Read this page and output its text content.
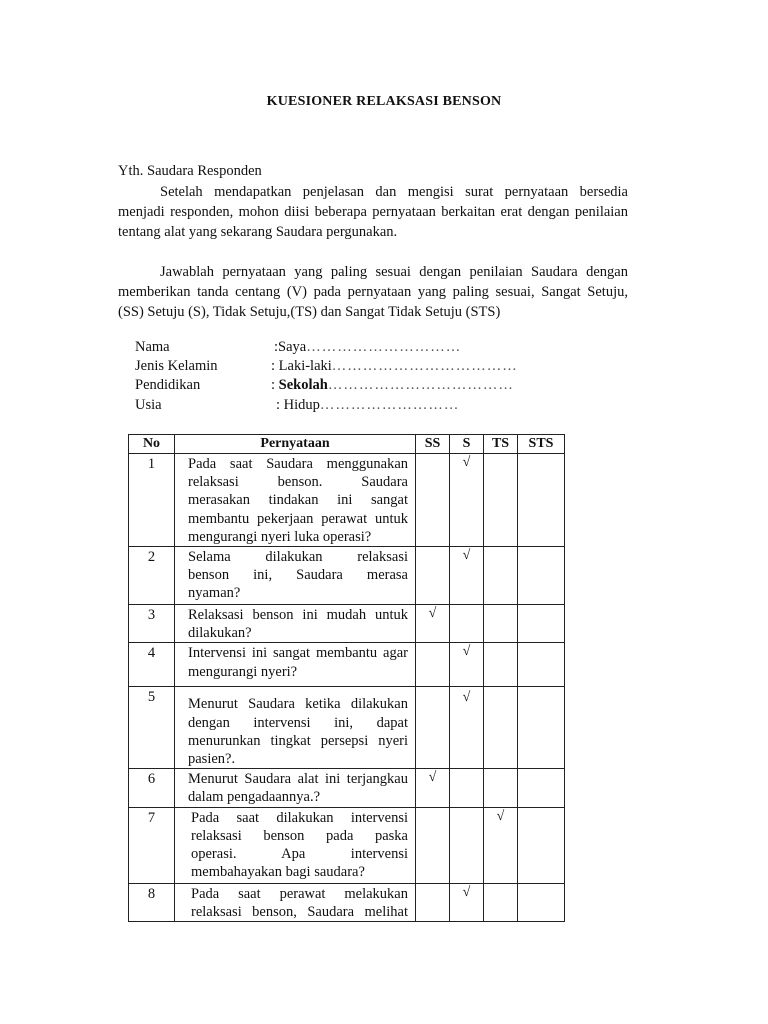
KUESIONER RELAKSASI BENSON
Yth. Saudara Responden
Setelah mendapatkan penjelasan dan mengisi surat pernyataan bersedia
menjadi responden, mohon diisi beberapa pernyataan berkaitan erat dengan penilaian
tentang alat yang sekarang Saudara pergunakan.
Jawablah pernyataan yang paling sesuai dengan penilaian Saudara dengan
memberikan tanda centang (V) pada pernyataan yang paling sesuai, Sangat Setuju,
(SS) Setuju (S), Tidak Setuju,(TS) dan Sangat Tidak Setuju (STS)
Nama	:Saya…………………………
Jenis Kelamin	: Laki-laki………………………………
Pendidikan	: Sekolah………………………………
Usia	: Hidup………………………
No	Pernyataan	SS	S	TS	STS

1	Pada saat Saudara menggunakan
relaksasi benson. Saudara
merasakan tindakan ini sangat
membantu pekerjaan perawat untuk
mengurangi nyeri luka operasi?		√		

2	Selama dilakukan relaksasi
benson ini, Saudara merasa
nyaman?		√		

3	Relaksasi benson ini mudah untuk
dilakukan?	√			

4	Intervensi ini sangat membantu agar
mengurangi nyeri?		√		

5	Menurut Saudara ketika dilakukan
dengan intervensi ini, dapat
menurunkan tingkat persepsi nyeri
pasien?.		√		

6	Menurut Saudara alat ini terjangkau
dalam pengadaannya.?	√			

7	Pada saat dilakukan intervensi
relaksasi benson pada paska
operasi. Apa intervensi
membahayakan bagi saudara?			√	

8	Pada saat perawat melakukan
relaksasi benson, Saudara melihat		√		
